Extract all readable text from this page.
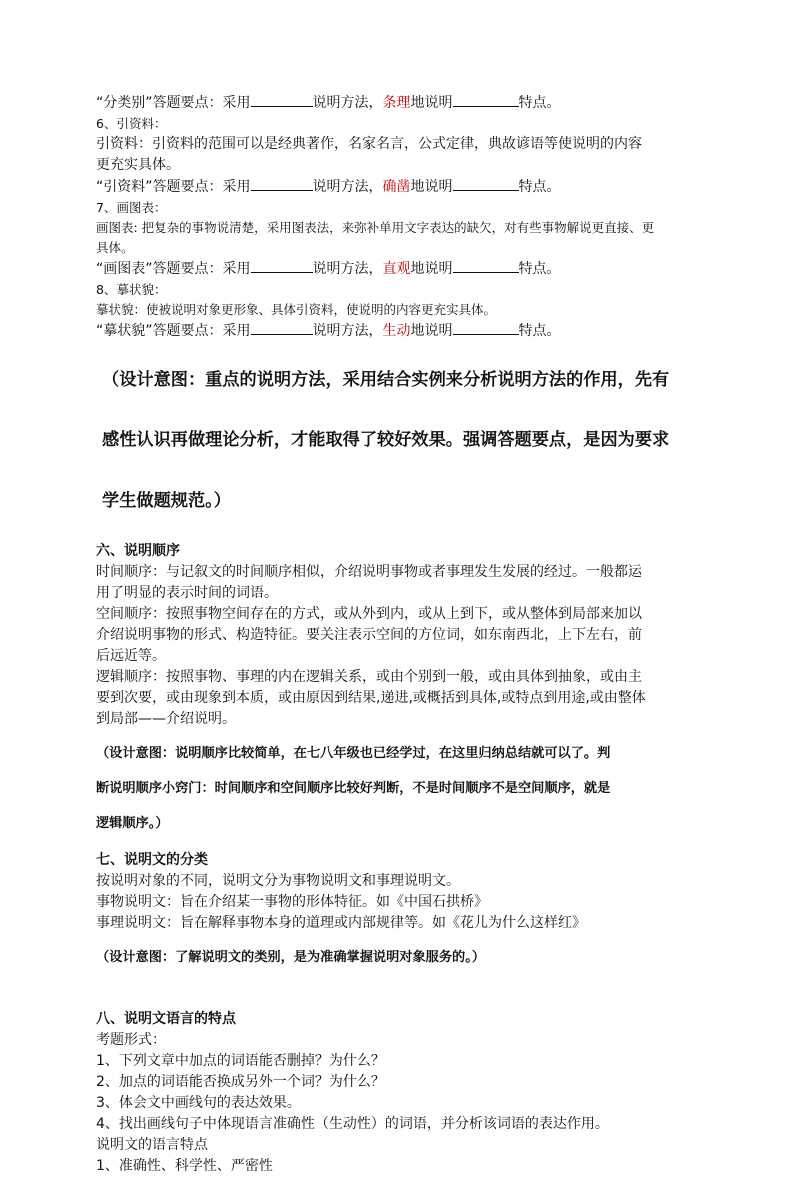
“分类别”答题要点：采用	说明方法，条理地说明	特点。

6、引资料：

引资料：引资料的范围可以是经典著作，名家名言，公式定律，典故谚语等使说明的内容

更充实具体。

“引资料”答题要点：采用	说明方法，确凿地说明	特点。

7、画图表：

画图表: 把复杂的事物说清楚，采用图表法，来弥补单用文字表达的缺欠，对有些事物解说更直接、更

具体。

“画图表”答题要点：采用	说明方法，直观地说明	特点。

8、摹状貌：

摹状貌：使被说明对象更形象、具体引资料，使说明的内容更充实具体。

“摹状貌”答题要点：采用	说明方法，生动地说明	特点。

（设计意图：重点的说明方法，采用结合实例来分析说明方法的作用，先有

感性认识再做理论分析，才能取得了较好效果。强调答题要点，是因为要求

学生做题规范。）

六、说明顺序

时间顺序：与记叙文的时间顺序相似，介绍说明事物或者事理发生发展的经过。一般都运

用了明显的表示时间的词语。

空间顺序：按照事物空间存在的方式，或从外到内，或从上到下，或从整体到局部来加以

介绍说明事物的形式、构造特征。要关注表示空间的方位词，如东南西北，上下左右，前

后远近等。

逻辑顺序：按照事物、事理的内在逻辑关系，或由个别到一般，或由具体到抽象，或由主

要到次要，或由现象到本质，或由原因到结果,递进,或概括到具体,或特点到用途,或由整体

到局部——介绍说明。

（设计意图：说明顺序比较简单，在七八年级也已经学过，在这里归纳总结就可以了。判

断说明顺序小窍门：时间顺序和空间顺序比较好判断，不是时间顺序不是空间顺序，就是

逻辑顺序。）

七、说明文的分类

按说明对象的不同，说明文分为事物说明文和事理说明文。

事物说明文：旨在介绍某一事物的形体特征。如《中国石拱桥》

事理说明文：旨在解释事物本身的道理或内部规律等。如《花儿为什么这样红》

（设计意图：了解说明文的类别，是为准确掌握说明对象服务的。）

八、说明文语言的特点

考题形式：

1、下列文章中加点的词语能否删掉？为什么？

2、加点的词语能否换成另外一个词？为什么？

3、体会文中画线句的表达效果。

4、找出画线句子中体现语言准确性（生动性）的词语，并分析该词语的表达作用。

说明文的语言特点

1、准确性、科学性、严密性
